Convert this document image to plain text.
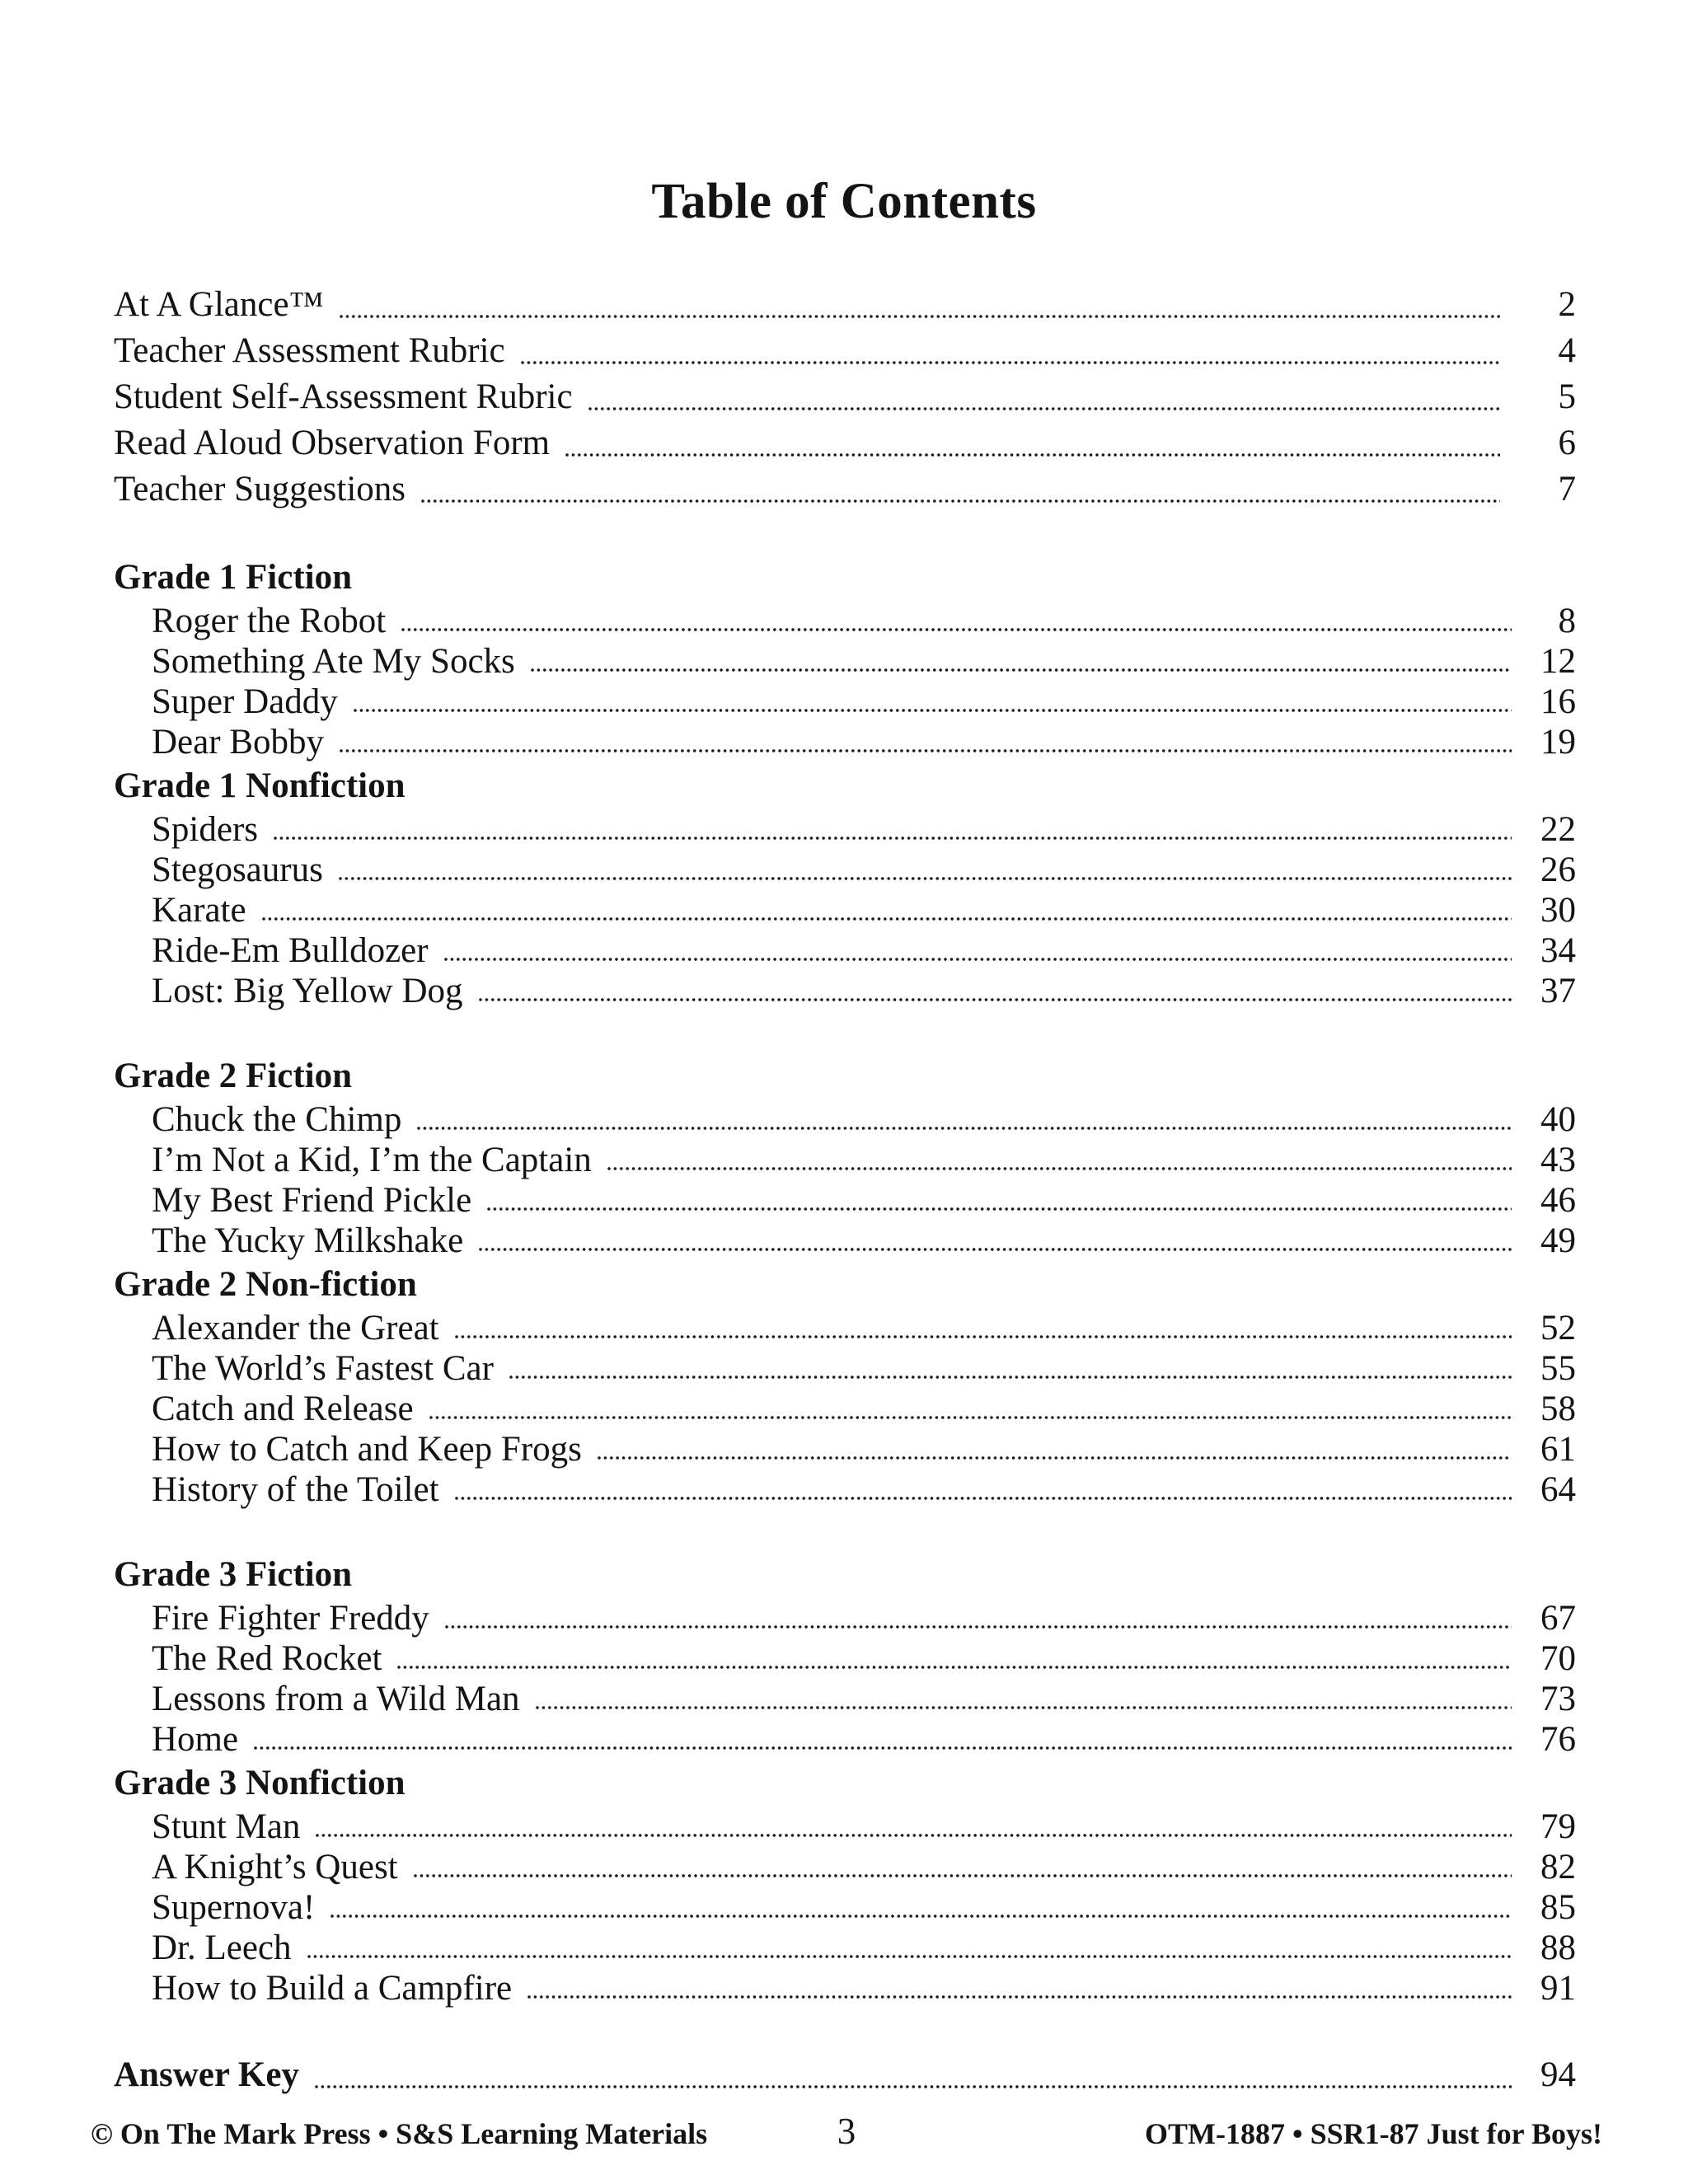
Table of Contents
At A Glance™	2
Teacher Assessment Rubric	4
Student Self-Assessment Rubric	5
Read Aloud Observation Form	6
Teacher Suggestions	7
Grade 1 Fiction
Roger the Robot	8
Something Ate My Socks	12
Super Daddy	16
Dear Bobby	19
Grade 1 Nonfiction
Spiders	22
Stegosaurus	26
Karate	30
Ride-Em Bulldozer	34
Lost: Big Yellow Dog	37
Grade 2 Fiction
Chuck the Chimp	40
I’m Not a Kid, I’m the Captain	43
My Best Friend Pickle	46
The Yucky Milkshake	49
Grade 2 Non-fiction
Alexander the Great	52
The World’s Fastest Car	55
Catch and Release	58
How to Catch and Keep Frogs	61
History of the Toilet	64
Grade 3 Fiction
Fire Fighter Freddy	67
The Red Rocket	70
Lessons from a Wild Man	73
Home	76
Grade 3 Nonfiction
Stunt Man	79
A Knight’s Quest	82
Supernova!	85
Dr. Leech	88
How to Build a Campfire	91
Answer Key	94
© On The Mark Press • S&S Learning Materials	3	OTM-1887 • SSR1-87 Just for Boys!
